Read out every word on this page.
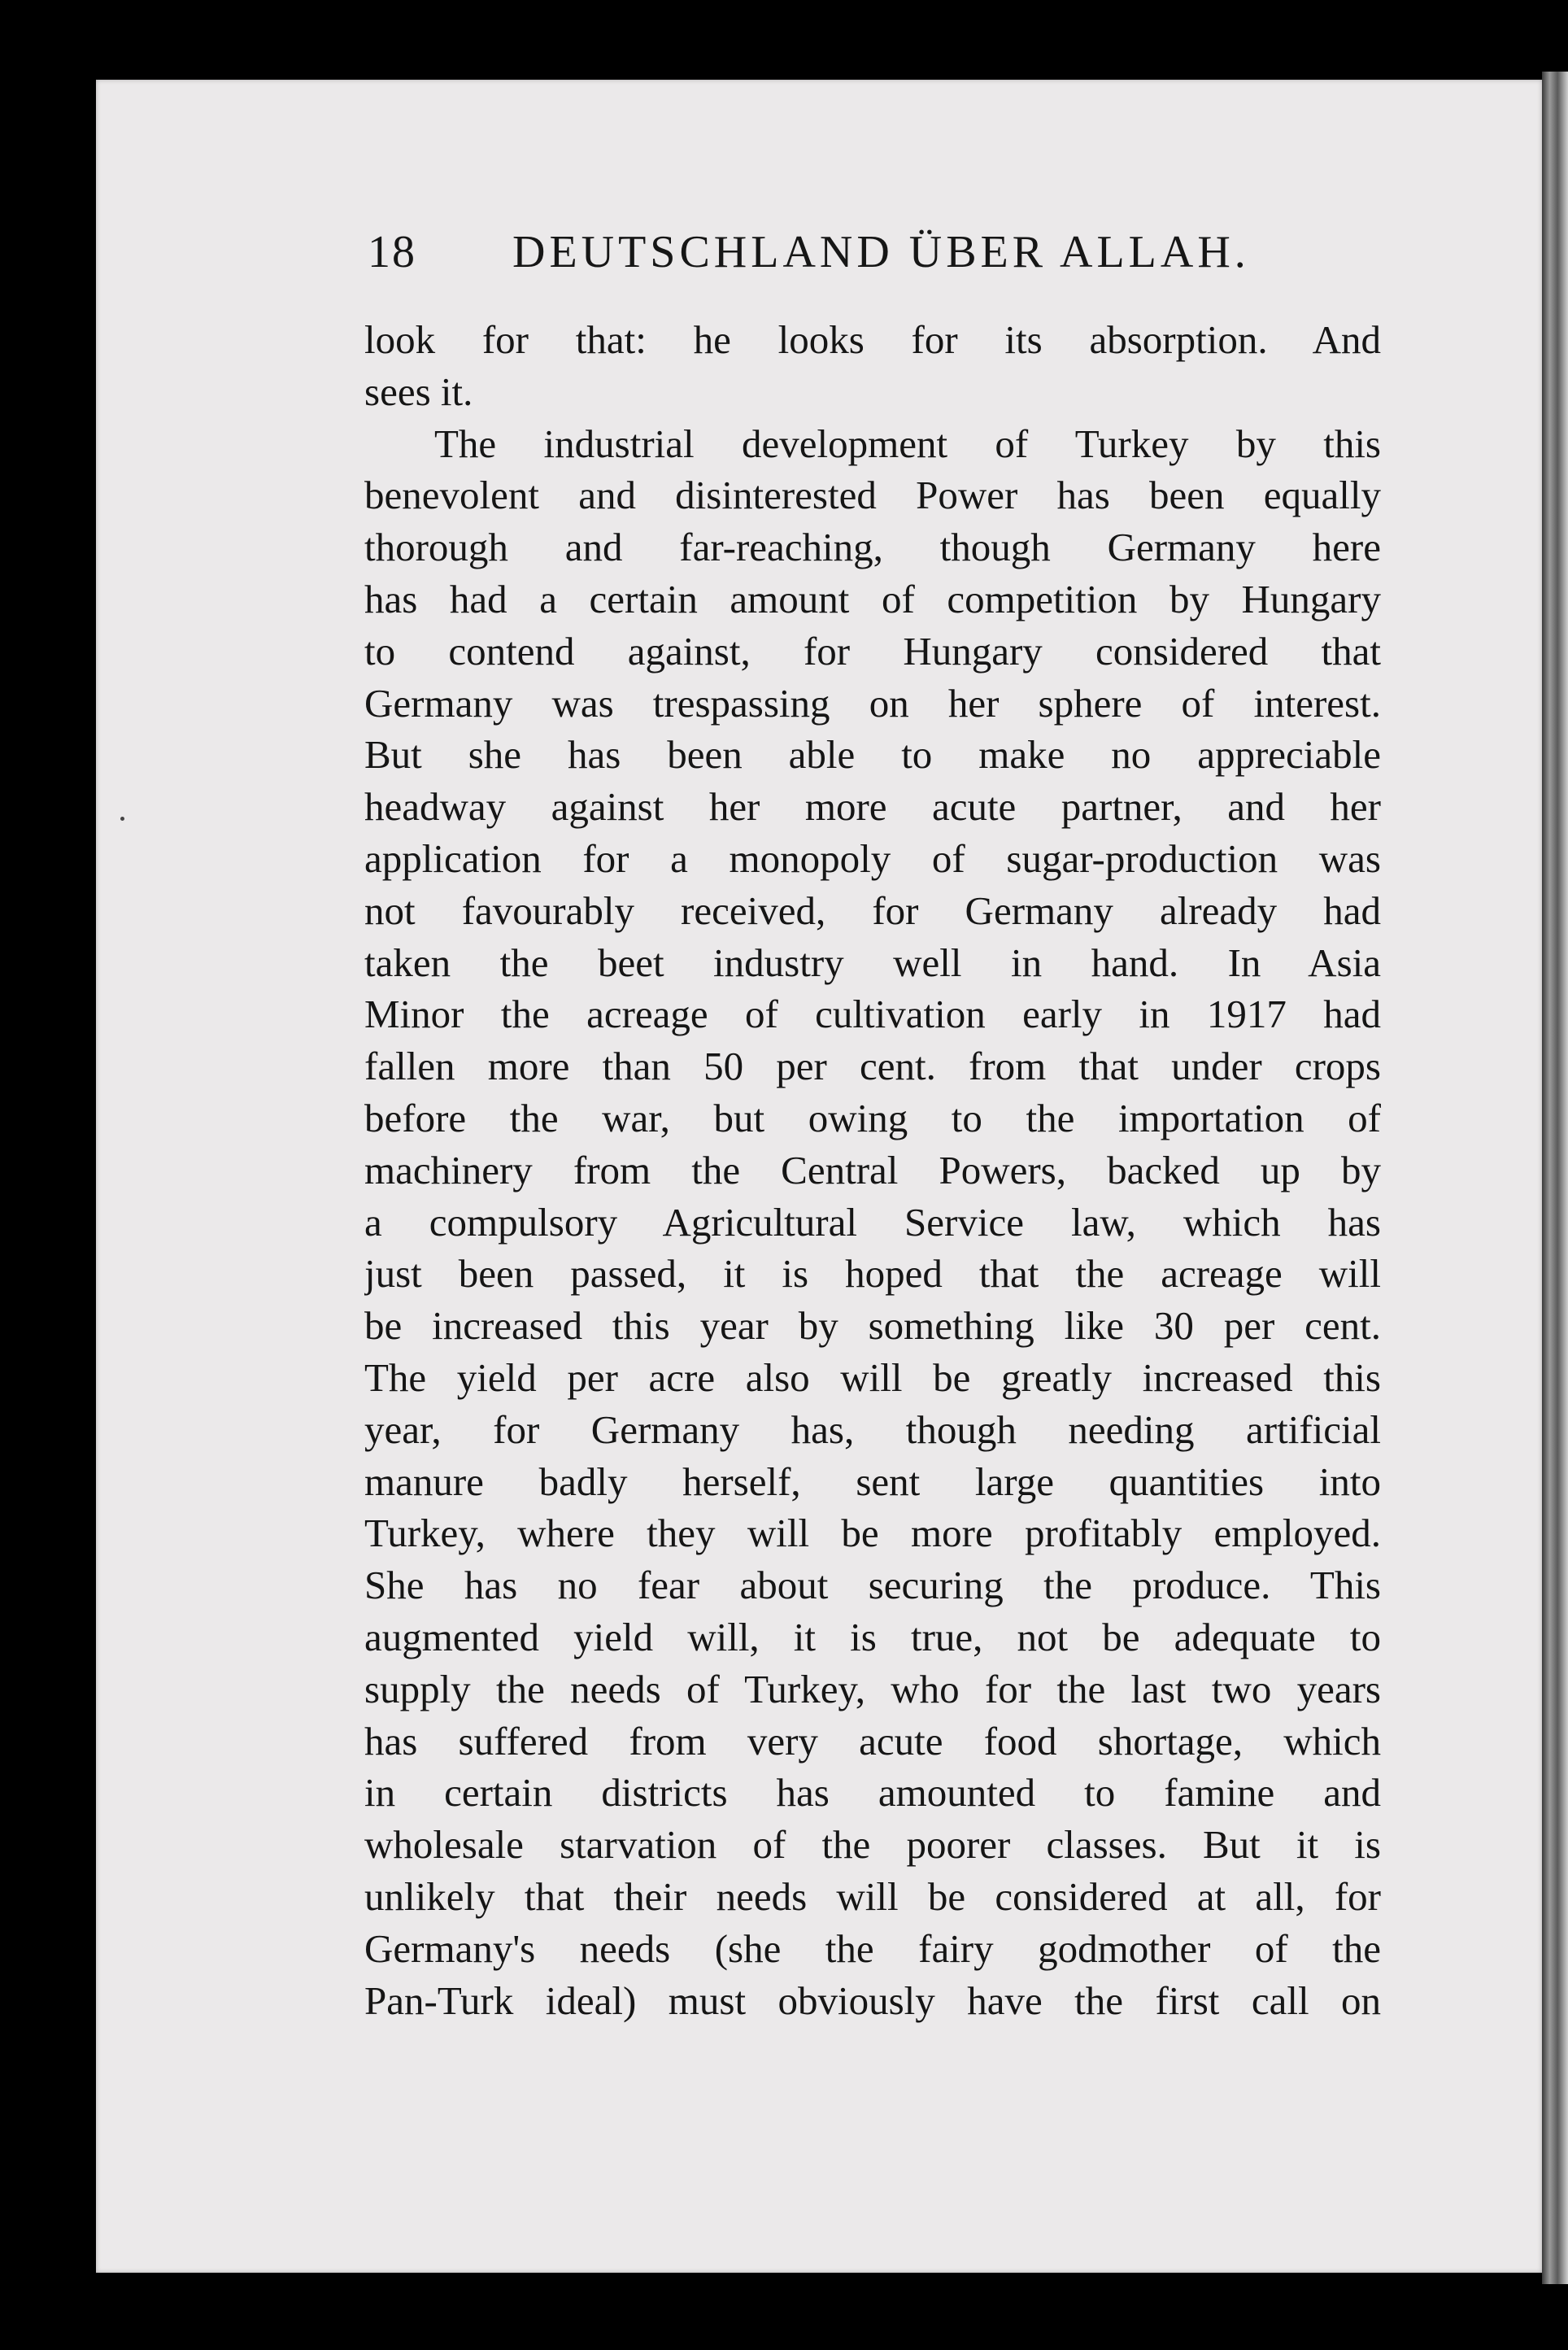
18 DEUTSCHLAND ÜBER ALLAH.
look for that: he looks for its absorption. And
sees it.
The industrial development of Turkey by this
benevolent and disinterested Power has been equally
thorough and far-reaching, though Germany here
has had a certain amount of competition by Hungary
to contend against, for Hungary considered that
Germany was trespassing on her sphere of interest.
But she has been able to make no appreciable
headway against her more acute partner, and her
application for a monopoly of sugar-production was
not favourably received, for Germany already had
taken the beet industry well in hand. In Asia
Minor the acreage of cultivation early in 1917 had
fallen more than 50 per cent. from that under crops
before the war, but owing to the importation of
machinery from the Central Powers, backed up by
a compulsory Agricultural Service law, which has
just been passed, it is hoped that the acreage will
be increased this year by something like 30 per cent.
The yield per acre also will be greatly increased this
year, for Germany has, though needing artificial
manure badly herself, sent large quantities into
Turkey, where they will be more profitably employed.
She has no fear about securing the produce. This
augmented yield will, it is true, not be adequate to
supply the needs of Turkey, who for the last two years
has suffered from very acute food shortage, which
in certain districts has amounted to famine and
wholesale starvation of the poorer classes. But it is
unlikely that their needs will be considered at all, for
Germany's needs (she the fairy godmother of the
Pan-Turk ideal) must obviously have the first call on
